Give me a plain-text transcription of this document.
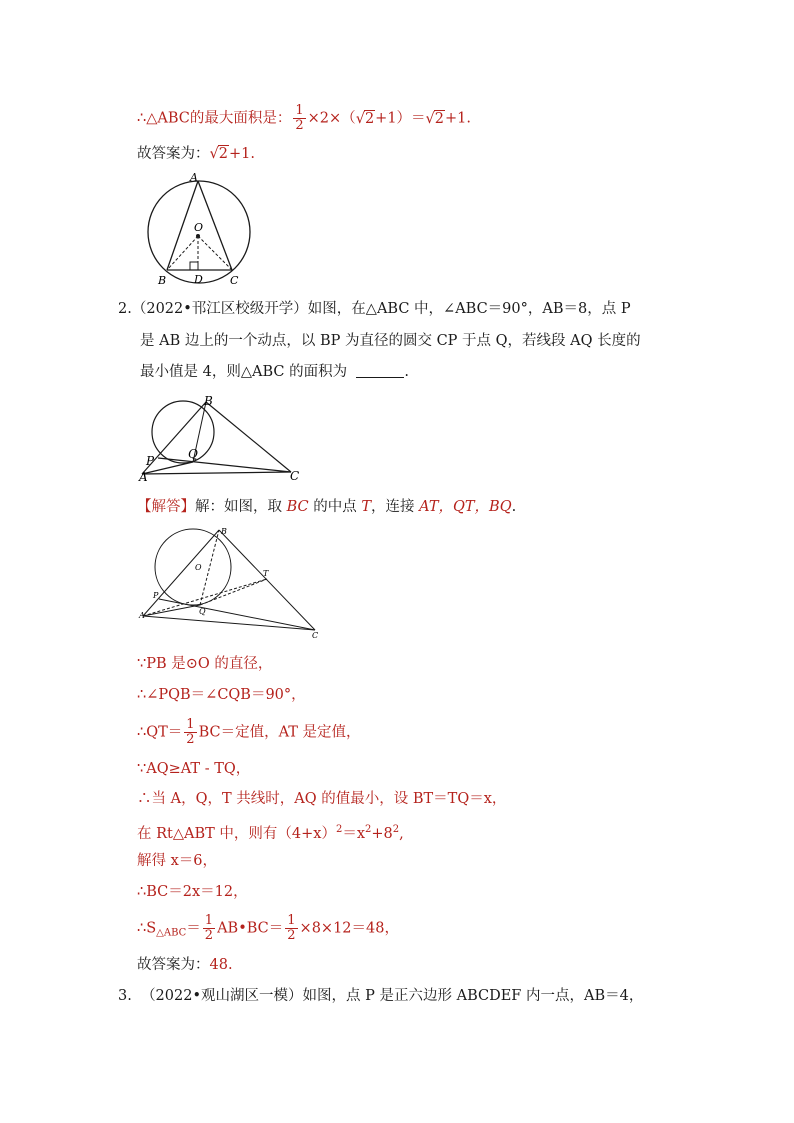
∴△ABC的最大面积是： $\frac{1}{2} \times 2\times(√2+1)=√2+1$.
故答案为：√2+1.
A
O
B	D C
2.（2022•邗江区校级开学）如图，在△ABC 中，∠ABC＝90°，AB＝8，点 P
是 AB 边上的一个动点，以 BP 为直径的圆交 CP 于点 Q，若线段 AQ 长度的
最小值是 4，则△ABC 的面积为	.
B
Q
P
A	C
【解答】解：如图，取 BC 的中点 T，连接 AT，QT，BQ.
B
O
T
P
Q
A
C
∵PB 是⊙O 的直径，
∴∠PQB＝∠CQB＝90°，
∴QT＝ $\frac{1}{2} BC=$定值，AT 是定值，
∵AQ≥AT - TQ，
∴当 A，Q，T 共线时，AQ 的值最小，设 BT＝TQ＝x，
在 Rt△ABT 中，则有$(4+x)^2=x^2+8^2$,
解得 x＝6，
∴BC＝2x＝12，
$\therefore S_{\triangle ABC}= \frac{1}{2}$ AB•BC＝ $\frac{1}{2} \times 8\times 12=48$，
故答案为：48.
3. （2022•观山湖区一模）如图，点 P 是正六边形 ABCDEF 内一点，AB＝4，
